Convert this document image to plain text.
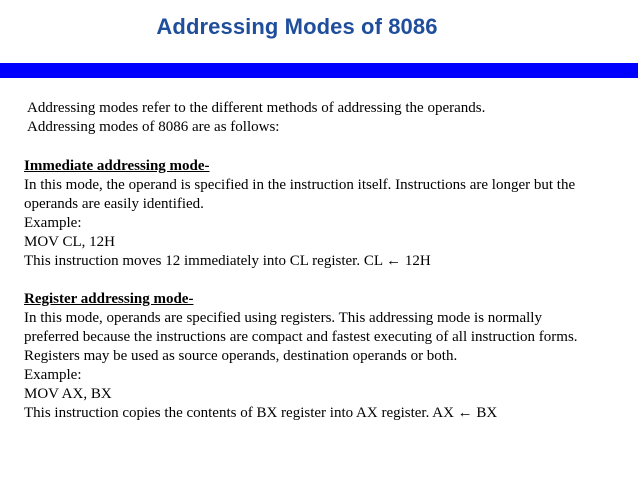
Addressing Modes of 8086

Addressing modes refer to the different methods of addressing the operands.

Addressing modes of 8086 are as follows:

Immediate addressing mode-

In this mode, the operand is specified in the instruction itself. Instructions are longer but the

operands are easily identified.

Example:

MOV CL, 12H

This instruction moves 12 immediately into CL register. CL ← 12H

Register addressing mode-

In this mode, operands are specified using registers. This addressing mode is normally

preferred because the instructions are compact and fastest executing of all instruction forms.

Registers may be used as source operands, destination operands or both.

Example:

MOV AX, BX

This instruction copies the contents of BX register into AX register. AX ← BX
